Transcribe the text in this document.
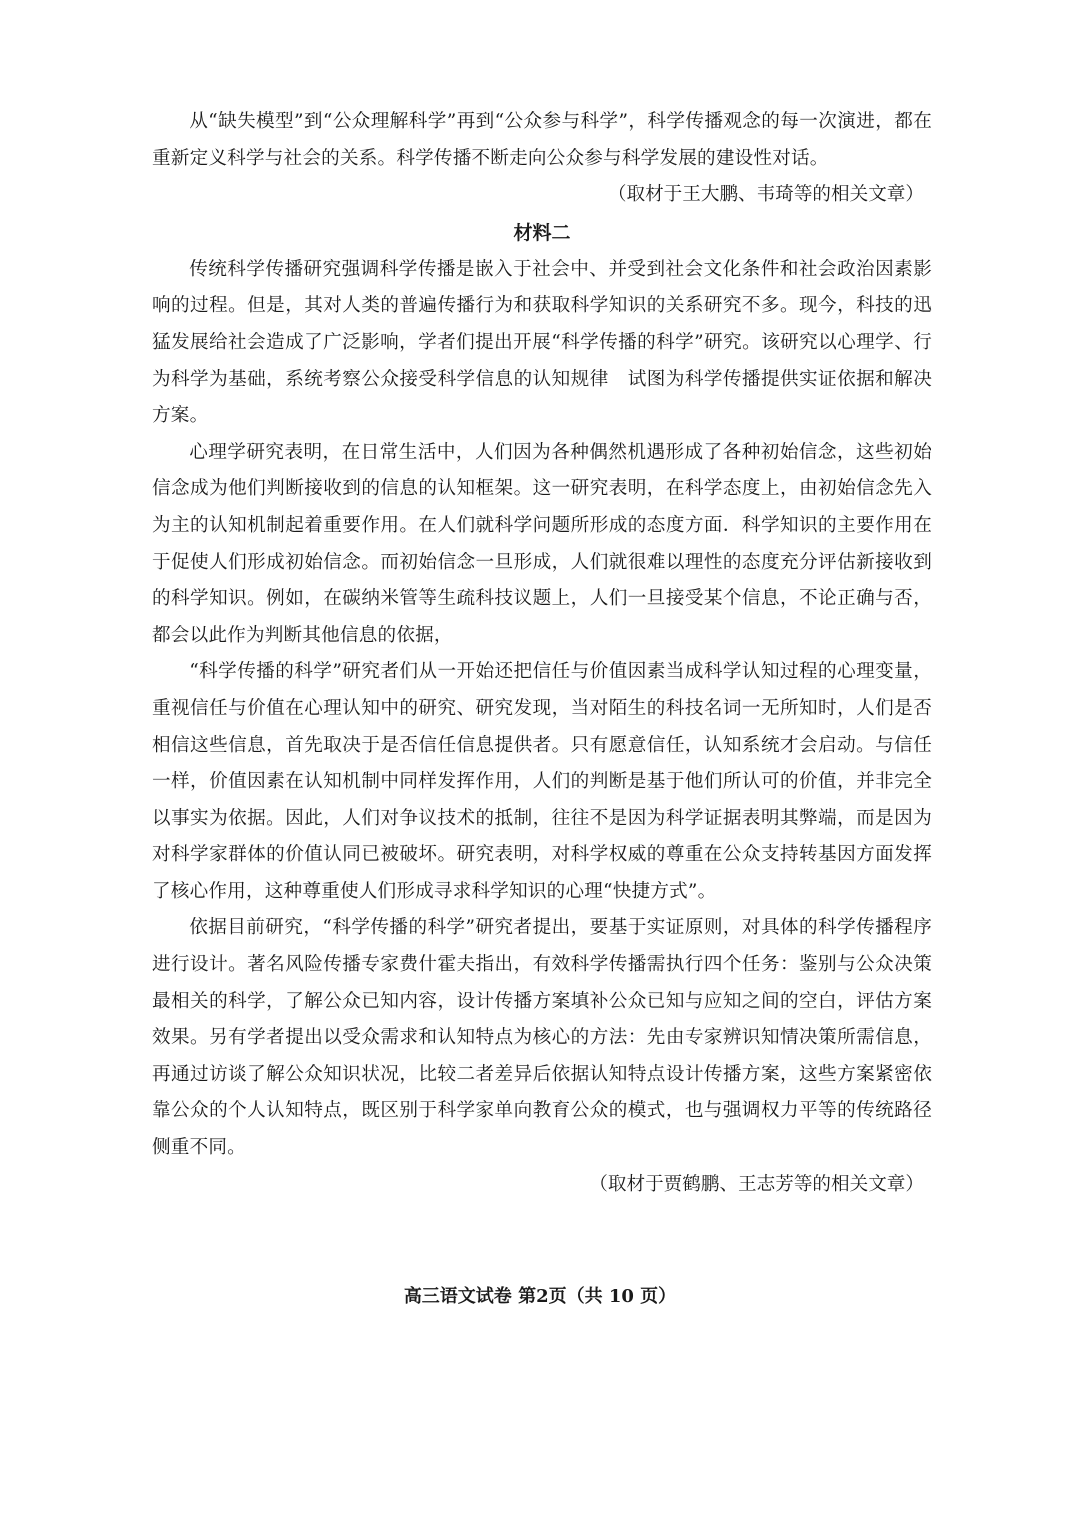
从“缺失模型”到“公众理解科学”再到“公众参与科学”，科学传播观念的每一次演进，都在重新定义科学与社会的关系。科学传播不断走向公众参与科学发展的建设性对话。

（取材于王大鹏、韦琦等的相关文章）

材料二

传统科学传播研究强调科学传播是嵌入于社会中、并受到社会文化条件和社会政治因素影响的过程。但是，其对人类的普遍传播行为和获取科学知识的关系研究不多。现今，科技的迅猛发展给社会造成了广泛影响，学者们提出开展“科学传播的科学”研究。该研究以心理学、行为科学为基础，系统考察公众接受科学信息的认知规律　试图为科学传播提供实证依据和解决方案。

心理学研究表明，在日常生活中，人们因为各种偶然机遇形成了各种初始信念，这些初始信念成为他们判断接收到的信息的认知框架。这一研究表明，在科学态度上，由初始信念先入为主的认知机制起着重要作用。在人们就科学问题所形成的态度方面．科学知识的主要作用在于促使人们形成初始信念。而初始信念一旦形成，人们就很难以理性的态度充分评估新接收到的科学知识。例如，在碳纳米管等生疏科技议题上，人们一旦接受某个信息，不论正确与否，都会以此作为判断其他信息的依据，

“科学传播的科学”研究者们从一开始还把信任与价值因素当成科学认知过程的心理变量，重视信任与价值在心理认知中的研究、研究发现，当对陌生的科技名词一无所知时，人们是否相信这些信息，首先取决于是否信任信息提供者。只有愿意信任，认知系统才会启动。与信任一样，价值因素在认知机制中同样发挥作用，人们的判断是基于他们所认可的价值，并非完全以事实为依据。因此，人们对争议技术的抵制，往往不是因为科学证据表明其弊端，而是因为对科学家群体的价值认同已被破坏。研究表明，对科学权威的尊重在公众支持转基因方面发挥了核心作用，这种尊重使人们形成寻求科学知识的心理“快捷方式”。

依据目前研究，“科学传播的科学”研究者提出，要基于实证原则，对具体的科学传播程序进行设计。著名风险传播专家费什霍夫指出，有效科学传播需执行四个任务：鉴别与公众决策最相关的科学，了解公众已知内容，设计传播方案填补公众已知与应知之间的空白，评估方案效果。另有学者提出以受众需求和认知特点为核心的方法：先由专家辨识知情决策所需信息，再通过访谈了解公众知识状况，比较二者差异后依据认知特点设计传播方案，这些方案紧密依靠公众的个人认知特点，既区别于科学家单向教育公众的模式，也与强调权力平等的传统路径侧重不同。

（取材于贾鹤鹏、王志芳等的相关文章）

高三语文试卷 第2页（共 10 页）
